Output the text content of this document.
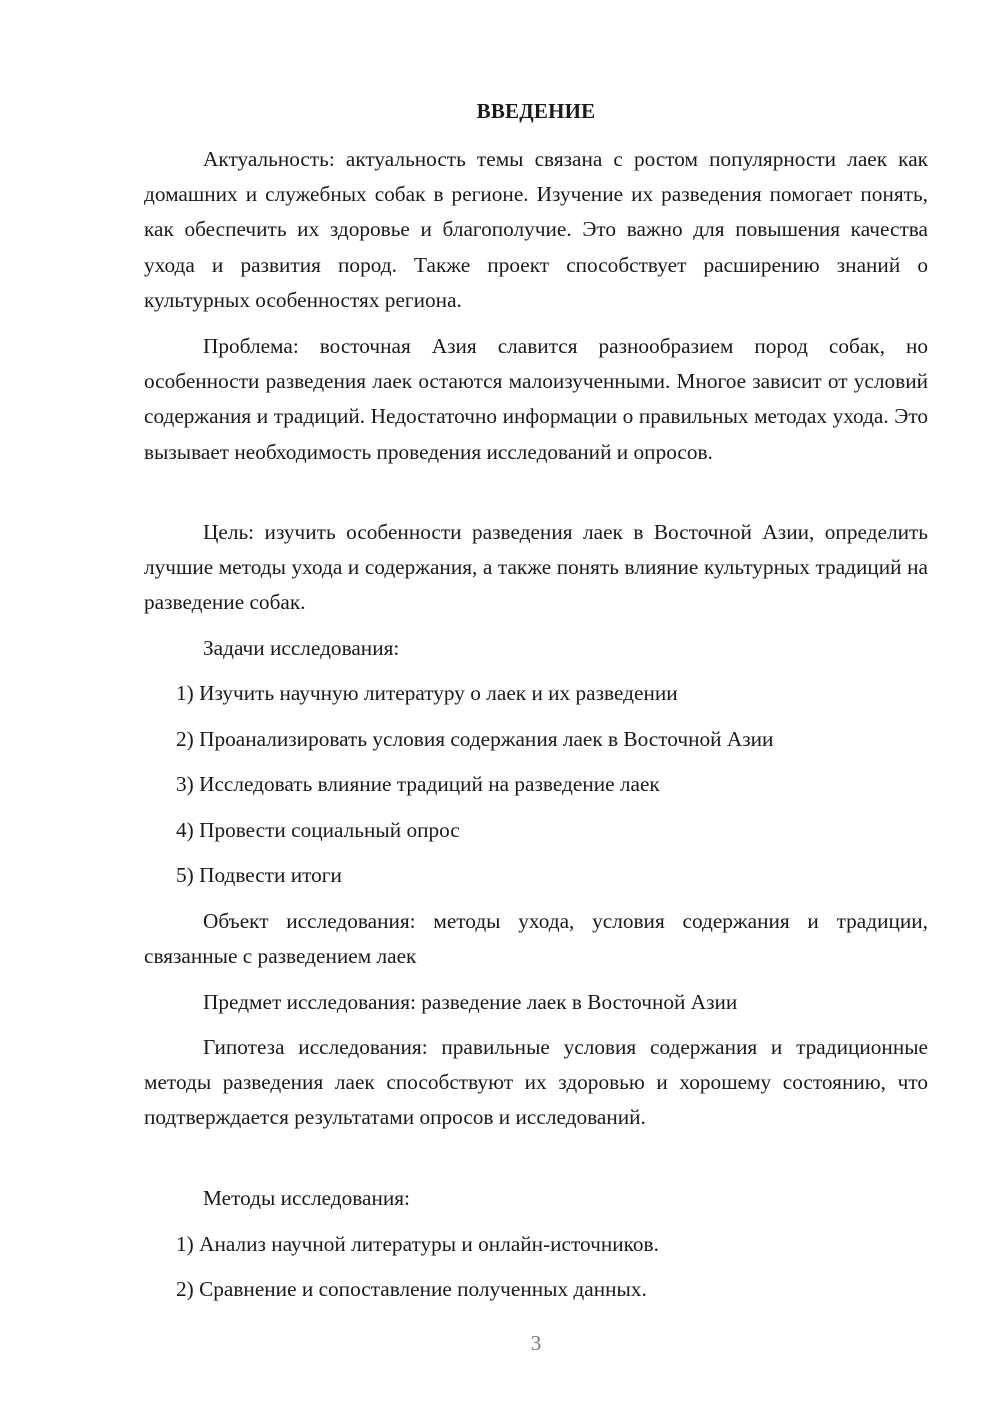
ВВЕДЕНИЕ

Актуальность: актуальность темы связана с ростом популярности лаек как домашних и служебных собак в регионе. Изучение их разведения помогает понять, как обеспечить их здоровье и благополучие. Это важно для повышения качества ухода и развития пород. Также проект способствует расширению знаний о культурных особенностях региона.

Проблема: восточная Азия славится разнообразием пород собак, но особенности разведения лаек остаются малоизученными. Многое зависит от условий содержания и традиций. Недостаточно информации о правильных методах ухода. Это вызывает необходимость проведения исследований и опросов.

Цель: изучить особенности разведения лаек в Восточной Азии, определить лучшие методы ухода и содержания, а также понять влияние культурных традиций на разведение собак.

Задачи исследования:
1) Изучить научную литературу о лаек и их разведении
2) Проанализировать условия содержания лаек в Восточной Азии
3) Исследовать влияние традиций на разведение лаек
4) Провести социальный опрос
5) Подвести итоги

Объект исследования: методы ухода, условия содержания и традиции, связанные с разведением лаек

Предмет исследования: разведение лаек в Восточной Азии

Гипотеза исследования: правильные условия содержания и традиционные методы разведения лаек способствуют их здоровью и хорошему состоянию, что подтверждается результатами опросов и исследований.

Методы исследования:
1) Анализ научной литературы и онлайн-источников.
2) Сравнение и сопоставление полученных данных.
3
